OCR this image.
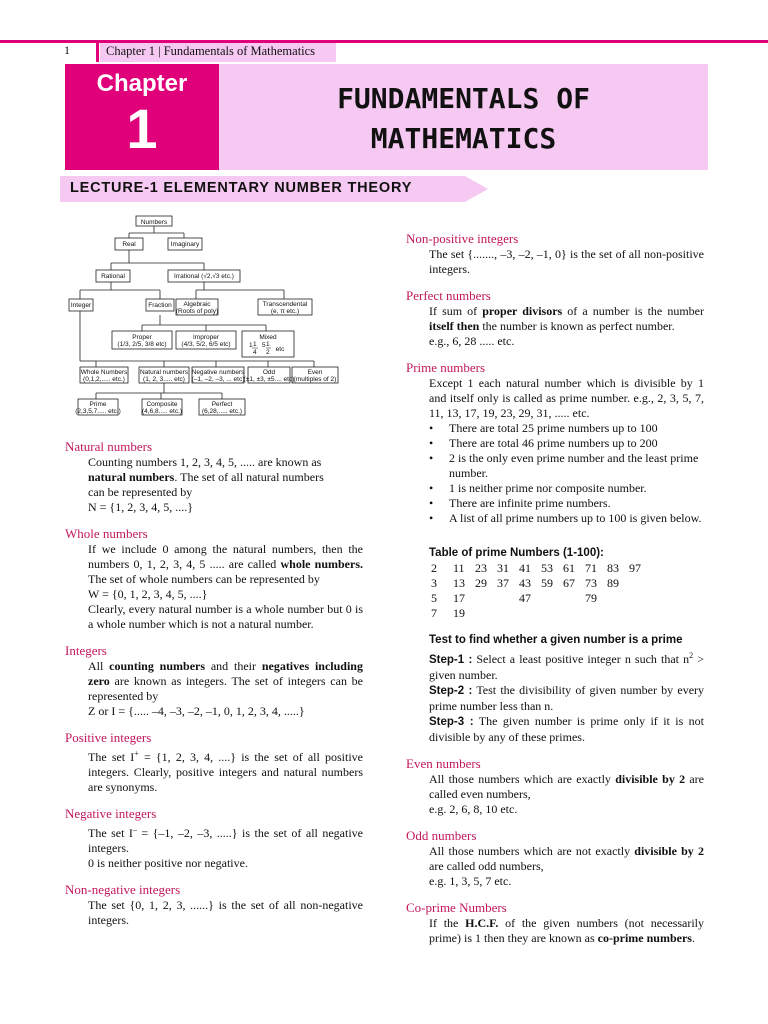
1	Chapter 1 | Fundamentals of Mathematics
Chapter
1	FUNDAMENTALS OF
MATHEMATICS
LECTURE-1 ELEMENTARY NUMBER THEORY
Numbers
Real	Imaginary
Rational	Irrational (√2,√3 etc.)
Integer	Fraction Algebraic
(Roots of poly)
Transcendental
(e, π etc.)
Proper
(1/3, 2/5, 3/8 etc)
Improper
(4/3, 5/2, 6/5 etc)
Mixed
etc
Whole Numbers
(0,1,2,..... etc.)
Natural numbers
(1, 2, 3..... etc)
Negative numbers
(–1, –2, –3, ... etc)
Odd
(±1, ±3, ±5.... etc)
Even
(multiples of 2)
Prime
(2,3,5,7..... etc.)
Composite
(4,6,8..... etc.)
Perfect
(6,28,..... etc.)
1 1
4
5 1
2
Natural numbers
Counting numbers 1, 2, 3, 4, 5, ..... are known as
natural numbers. The set of all natural numbers
can be represented by
N = {1, 2, 3, 4, 5, ....}
Whole numbers
If we include 0 among the natural numbers, then the numbers 0, 1, 2, 3, 4, 5 ..... are called whole numbers. The set of whole numbers can be represented by
W = {0, 1, 2, 3, 4, 5, ....}
Clearly, every natural number is a whole number but 0 is a whole number which is not a natural number.
Integers
All counting numbers and their negatives including zero are known as integers. The set of integers can be represented by
Z or I = {..... –4, –3, –2, –1, 0, 1, 2, 3, 4, .....}
Positive integers
The set I+ = {1, 2, 3, 4, ....} is the set of all positive integers. Clearly, positive integers and natural numbers are synonyms.
Negative integers
The set I– = {–1, –2, –3, .....} is the set of all negative integers.
0 is neither positive nor negative.
Non-negative integers
The set {0, 1, 2, 3, ......} is the set of all non-negative integers.
Non-positive integers
The set {......., –3, –2, –1, 0} is the set of all non-positive integers.
Perfect numbers
If sum of proper divisors of a number is the number itself then the number is known as perfect number.
e.g., 6, 28 ..... etc.
Prime numbers
Except 1 each natural number which is divisible by 1 and itself only is called as prime number. e.g., 2, 3, 5, 7, 11, 13, 17, 19, 23, 29, 31, ..... etc.
• There are total 25 prime numbers up to 100
• There are total 46 prime numbers up to 200
• 2 is the only even prime number and the least prime number.
• 1 is neither prime nor composite number.
• There are infinite prime numbers.
• A list of all prime numbers up to 100 is given below.
Table of prime Numbers (1-100):
2	11	23	31	41	53	61	71	83	97
3	13	29	37	43	59	67	73	89	
5	17			47			79		
7	19								
Test to find whether a given number is a prime
Step-1 : Select a least positive integer n such that $n^2$ > given number.
Step-2 : Test the divisibility of given number by every prime number less than n.
Step-3 : The given number is prime only if it is not divisible by any of these primes.
Even numbers
All those numbers which are exactly divisible by 2 are called even numbers,
e.g. 2, 6, 8, 10 etc.
Odd numbers
All those numbers which are not exactly divisible by 2 are called odd numbers,
e.g. 1, 3, 5, 7 etc.
Co-prime Numbers
If the H.C.F. of the given numbers (not necessarily prime) is 1 then they are known as co-prime numbers.
